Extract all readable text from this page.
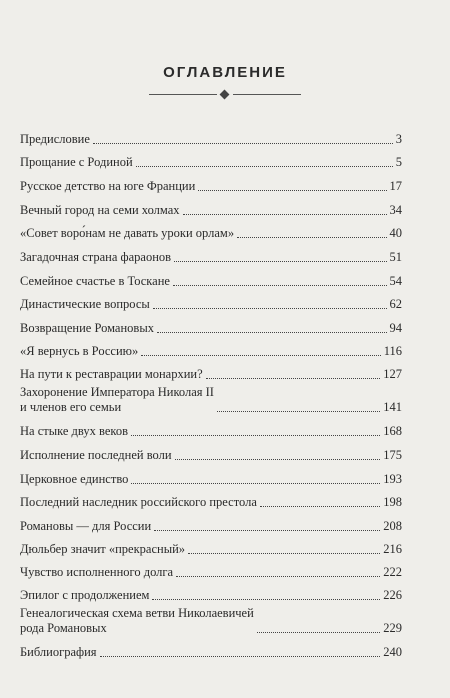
ОГЛАВЛЕНИЕ
Предисловие	3
Прощание с Родиной	5
Русское детство на юге Франции	17
Вечный город на семи холмах	34
«Совет воро́нам не давать уроки орлам»	40
Загадочная страна фараонов	51
Семейное счастье в Тоскане	54
Династические вопросы	62
Возвращение Романовых	94
«Я вернусь в Россию»	116
На пути к реставрации монархии?	127
Захоронение Императора Николая II
и членов его семьи	141
На стыке двух веков	168
Исполнение последней воли	175
Церковное единство	193
Последний наследник российского престола	198
Романовы — для России	208
Дюльбер значит «прекрасный»	216
Чувство исполненного долга	222
Эпилог с продолжением	226
Генеалогическая схема ветви Николаевичей
рода Романовых	229
Библиография	240
